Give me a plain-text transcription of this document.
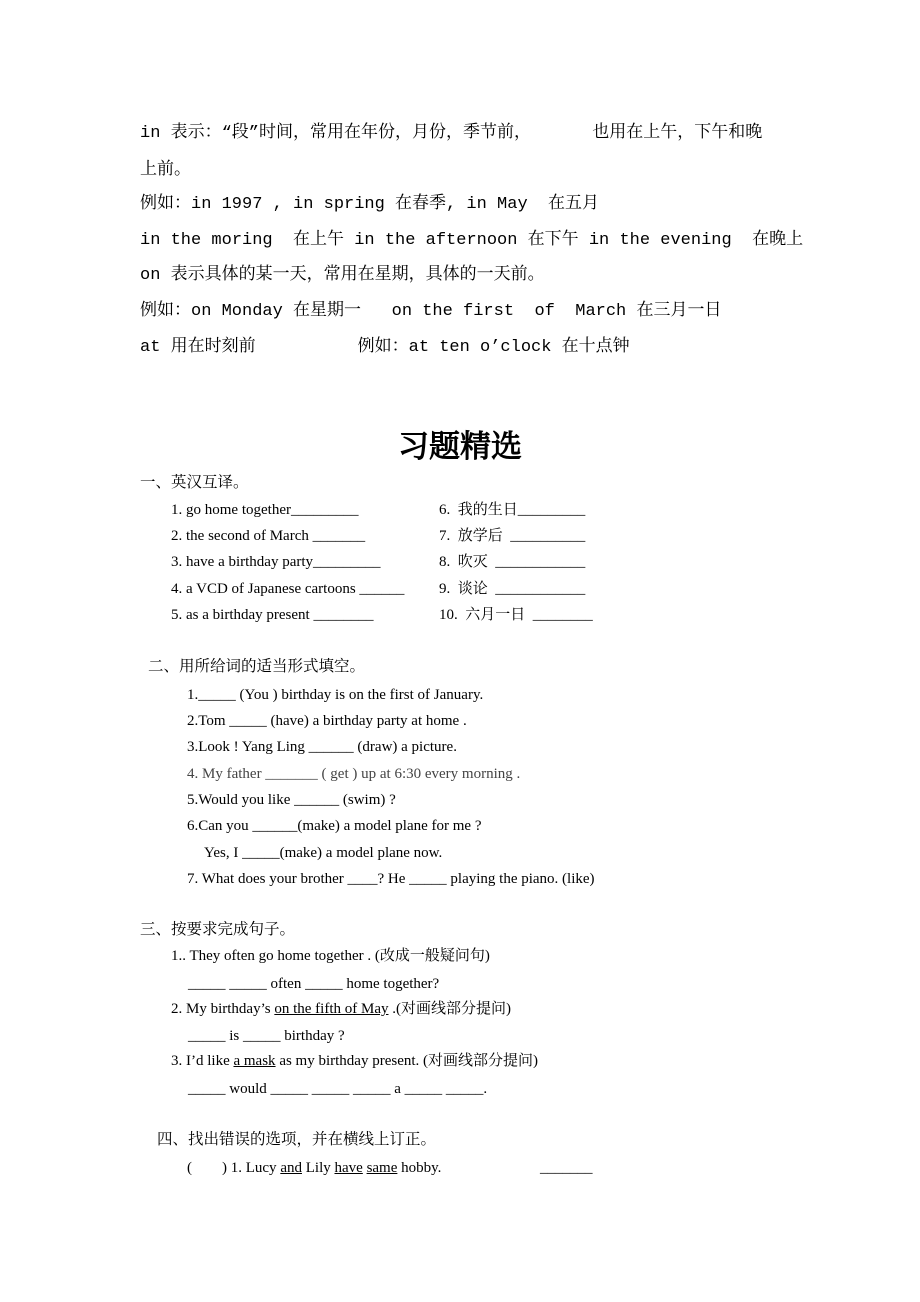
in 表示：“段”时间，常用在年份，月份，季节前，      也用在上午，下午和晚
上前。
例如：in 1997 , in spring 在春季, in May  在五月
in the moring  在上午 in the afternoon 在下午 in the evening  在晚上
on 表示具体的某一天，常用在星期，具体的一天前。
例如：on Monday 在星期一   on the first  of  March 在三月一日
at 用在时刻前          例如：at ten o’clock 在十点钟
习题精选
一、英汉互译。
1. go home together_________
2. the second of March _______
3. have a birthday party_________
4. a VCD of Japanese cartoons ______
5. as a birthday present ________
6.  我的生日_________
7.  放学后  __________
8.  吹灭  ____________
9.  谈论  ____________
10.  六月一日  ________
二、用所给词的适当形式填空。
1._____ (You ) birthday is on the first of January.
2.Tom _____ (have) a birthday party at home .
3.Look ! Yang Ling ______ (draw) a picture.
4. My father _______ ( get ) up at 6:30 every morning .
5.Would you like ______ (swim) ?
6.Can you ______(make) a model plane for me ?
Yes, I _____(make) a model plane now.
7. What does your brother ____? He _____ playing the piano. (like)
三、按要求完成句子。
1.. They often go home together . (改成一般疑问句)
_____ _____ often _____ home together?
2. My birthday’s on the fifth of May .(对画线部分提问)
_____ is _____ birthday ?
3. I’d like a mask as my birthday present. (对画线部分提问)
_____ would _____ _____ _____ a _____ _____.
四、找出错误的选项，并在横线上订正。
(        ) 1. Lucy and Lily have same hobby.	_______
